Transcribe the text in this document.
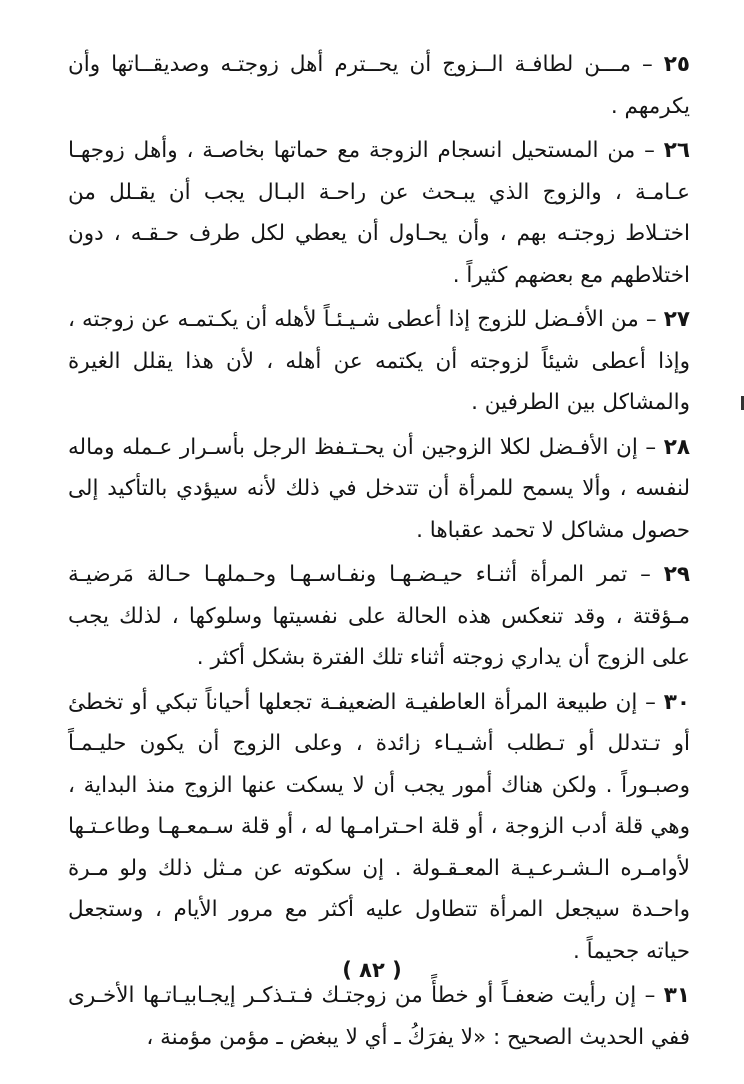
٢٥ – مـــن لطافـة الــزوج أن يحــترم أهل زوجتـه وصديقــاتها وأن يكرمهم .

٢٦ – من المستحيل انسجام الزوجة مع حماتها بخاصـة ، وأهل زوجهـا عـامـة ، والزوج الذي يبـحث عن راحـة البـال يجب أن يقـلل من اختـلاط زوجتـه بهم ، وأن يحـاول أن يعطي لكل طرف حـقـه ، دون اختلاطهم مع بعضهم كثيراً .

٢٧ – من الأفـضل للزوج إذا أعطى شـيـئـاً لأهله أن يكـتمـه عن زوجته ، وإذا أعطى شيئاً لزوجته أن يكتمه عن أهله ، لأن هذا يقلل الغيرة والمشاكل بين الطرفين .

٢٨ – إن الأفـضل لكلا الزوجين أن يحـتـفظ الرجل بأسـرار عـمله وماله لنفسه ، وألا يسمح للمرأة أن تتدخل في ذلك لأنه سيؤدي بالتأكيد إلى حصول مشاكل لا تحمد عقباها .

٢٩ – تمر المرأة أثنـاء حيـضـهـا ونفـاسـهـا وحـملهـا حـالة مَرضيـة مـؤقتة ، وقد تنعكس هذه الحالة على نفسيتها وسلوكها ، لذلك يجب على الزوج أن يداري زوجته أثناء تلك الفترة بشكل أكثر .

٣٠ – إن طبيعة المرأة العاطفيـة الضعيفـة تجعلها أحياناً تبكي أو تخطئ أو تـتدلل أو تـطلب أشـيـاء زائدة ، وعلى الزوج أن يكون حليـمـاً وصبـوراً . ولكن هناك أمور يجب أن لا يسكت عنها الزوج منذ البداية ، وهي قلة أدب الزوجة ، أو قلة احـترامـها له ، أو قلة سـمعـهـا وطاعـتـها لأوامـره الـشـرعـيـة المعـقـولة . إن سكوته عن مـثل ذلك ولو مـرة واحـدة سيجعل المرأة تتطاول عليه أكثر مع مرور الأيام ، وستجعل حياته جحيماً .

٣١ – إن رأيت ضعفـاً أو خطأً من زوجتـك فـتـذكـر إيجـابيـاتـها الأخـرى ففي الحديث الصحيح : «لا يفرَكُ ـ أي لا يبغض ـ مؤمن مؤمنة ،

( ٨٢ )
